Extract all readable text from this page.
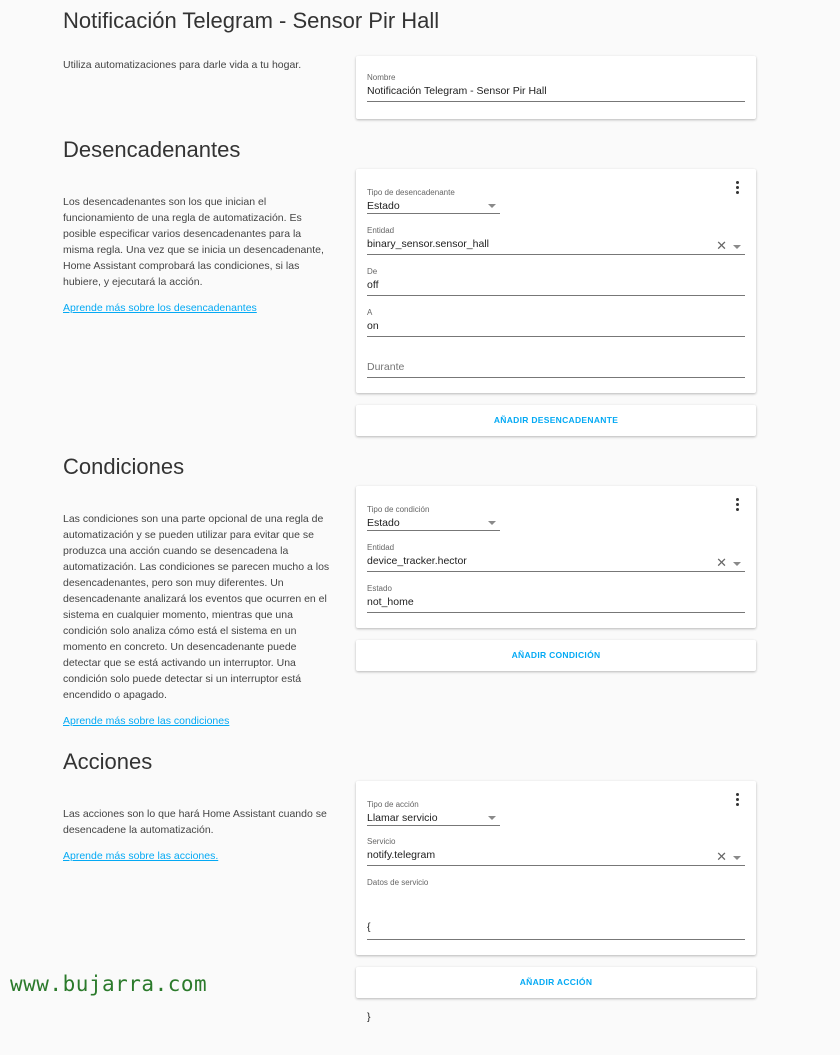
Notificación Telegram - Sensor Pir Hall
Utiliza automatizaciones para darle vida a tu hogar.
Nombre
Notificación Telegram - Sensor Pir Hall
Desencadenantes
Los desencadenantes son los que inician el funcionamiento de una regla de automatización. Es posible especificar varios desencadenantes para la misma regla. Una vez que se inicia un desencadenante, Home Assistant comprobará las condiciones, si las hubiere, y ejecutará la acción.
Aprende más sobre los desencadenantes
Tipo de desencadenante
Estado
Entidad
binary_sensor.sensor_hall	✕
De
off
A
on
Durante
AÑADIR DESENCADENANTE
Condiciones
Las condiciones son una parte opcional de una regla de automatización y se pueden utilizar para evitar que se produzca una acción cuando se desencadena la automatización. Las condiciones se parecen mucho a los desencadenantes, pero son muy diferentes. Un desencadenante analizará los eventos que ocurren en el sistema en cualquier momento, mientras que una condición solo analiza cómo está el sistema en un momento en concreto. Un desencadenante puede detectar que se está activando un interruptor. Una condición solo puede detectar si un interruptor está encendido o apagado.
Aprende más sobre las condiciones
Tipo de condición
Estado
Entidad
device_tracker.hector	✕
Estado
not_home
AÑADIR CONDICIÓN
Acciones
Las acciones son lo que hará Home Assistant cuando se desencadene la automatización.
Aprende más sobre las acciones.
Tipo de acción
Llamar servicio
Servicio
notify.telegram	✕
Datos de servicio

{

}

AÑADIR ACCIÓN
www.bujarra.com
